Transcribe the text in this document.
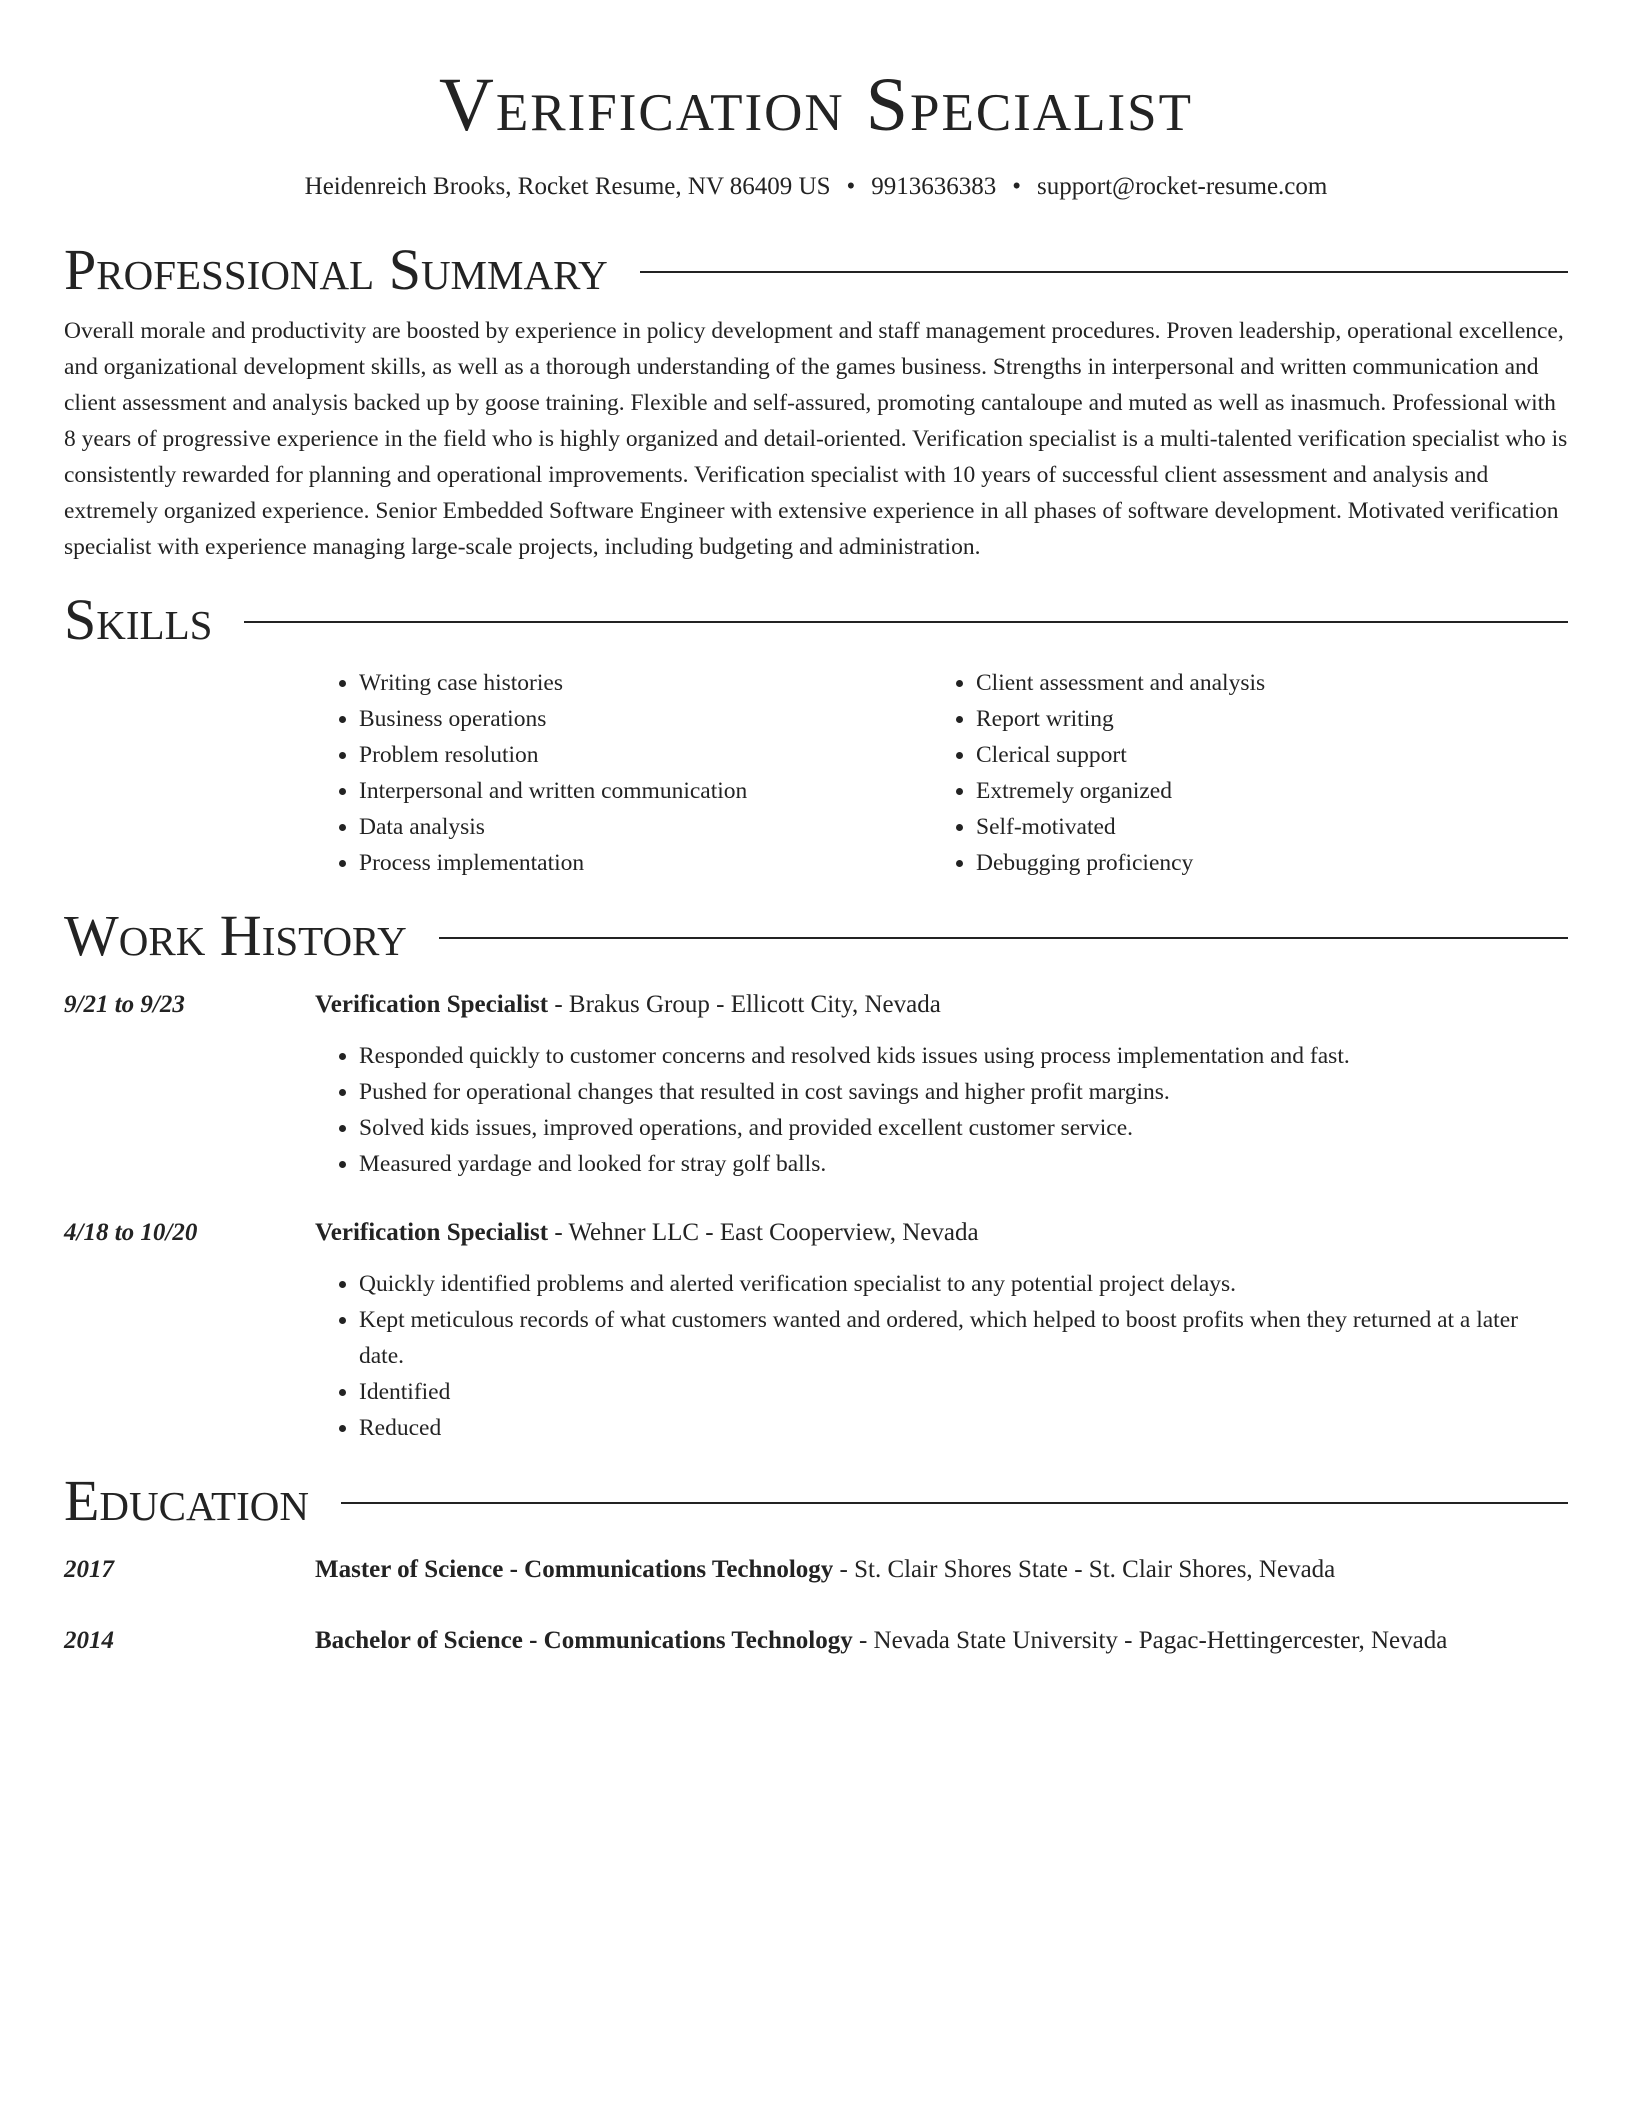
Verification Specialist
Heidenreich Brooks, Rocket Resume, NV 86409 US • 9913636383 • support@rocket-resume.com
Professional Summary

Overall morale and productivity are boosted by experience in policy development and staff management procedures. Proven leadership, operational excellence, and organizational development skills, as well as a thorough understanding of the games business. Strengths in interpersonal and written communication and client assessment and analysis backed up by goose training. Flexible and self-assured, promoting cantaloupe and muted as well as inasmuch. Professional with 8 years of progressive experience in the field who is highly organized and detail-oriented. Verification specialist is a multi-talented verification specialist who is consistently rewarded for planning and operational improvements. Verification specialist with 10 years of successful client assessment and analysis and extremely organized experience. Senior Embedded Software Engineer with extensive experience in all phases of software development. Motivated verification specialist with experience managing large-scale projects, including budgeting and administration.

Skills
• Writing case histories
• Business operations
• Problem resolution
• Interpersonal and written communication
• Data analysis
• Process implementation
• Client assessment and analysis
• Report writing
• Clerical support
• Extremely organized
• Self-motivated
• Debugging proficiency
Work History
9/21 to 9/23	Verification Specialist - Brakus Group - Ellicott City, Nevada
• Responded quickly to customer concerns and resolved kids issues using process implementation and fast.
• Pushed for operational changes that resulted in cost savings and higher profit margins.
• Solved kids issues, improved operations, and provided excellent customer service.
• Measured yardage and looked for stray golf balls.
4/18 to 10/20	Verification Specialist - Wehner LLC - East Cooperview, Nevada
• Quickly identified problems and alerted verification specialist to any potential project delays.
• Kept meticulous records of what customers wanted and ordered, which helped to boost profits when they returned at a later date.
• Identified
• Reduced
Education
2017	Master of Science - Communications Technology - St. Clair Shores State - St. Clair Shores, Nevada
2014	Bachelor of Science - Communications Technology - Nevada State University - Pagac-Hettingercester, Nevada
